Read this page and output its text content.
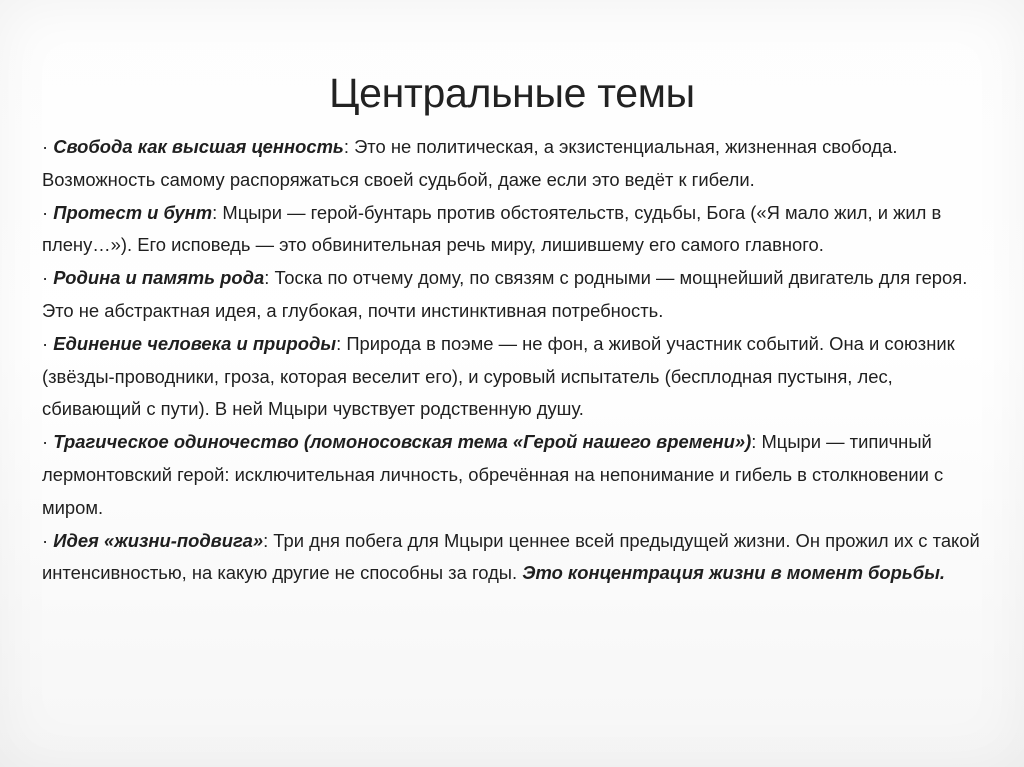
Центральные темы

· Свобода как высшая ценность: Это не политическая, а экзистенциальная, жизненная свобода. Возможность самому распоряжаться своей судьбой, даже если это ведёт к гибели.

· Протест и бунт: Мцыри — герой-бунтарь против обстоятельств, судьбы, Бога («Я мало жил, и жил в плену…»). Его исповедь — это обвинительная речь миру, лишившему его самого главного.

· Родина и память рода: Тоска по отчему дому, по связям с родными — мощнейший двигатель для героя. Это не абстрактная идея, а глубокая, почти инстинктивная потребность.

· Единение человека и природы: Природа в поэме — не фон, а живой участник событий. Она и союзник (звёзды-проводники, гроза, которая веселит его), и суровый испытатель (бесплодная пустыня, лес, сбивающий с пути). В ней Мцыри чувствует родственную душу.

· Трагическое одиночество (ломоносовская тема «Герой нашего времени»): Мцыри — типичный лермонтовский герой: исключительная личность, обречённая на непонимание и гибель в столкновении с миром.

· Идея «жизни-подвига»: Три дня побега для Мцыри ценнее всей предыдущей жизни. Он прожил их с такой интенсивностью, на какую другие не способны за годы. Это концентрация жизни в момент борьбы.
